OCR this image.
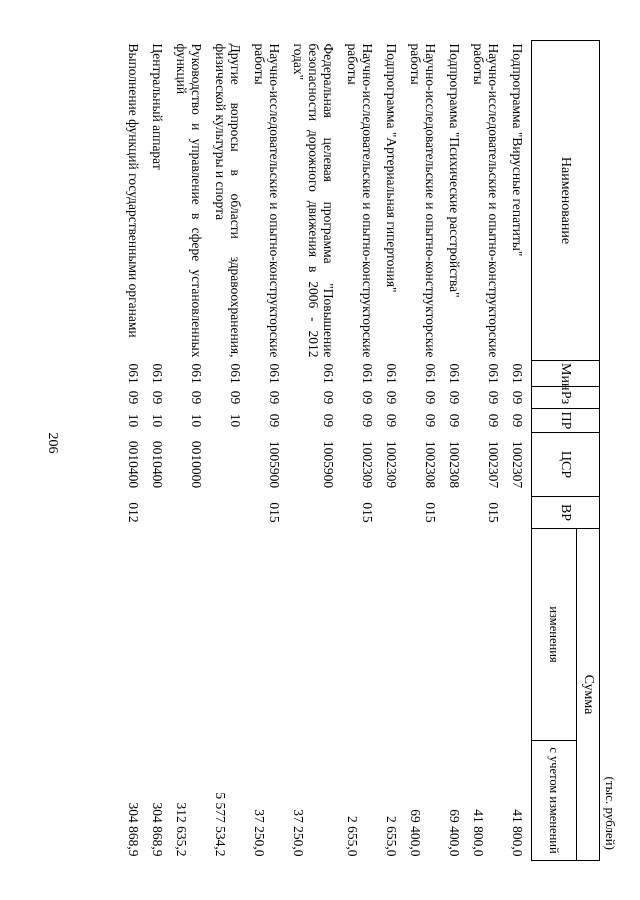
206
(тыс. рублей)
Наименование	Мин	Рз	ПР	ЦСР	ВР	Сумма	
						изменения	с учетом изменений
Подпрограмма "Вирусные гепатиты"	061	09	09	1002307			41 800,0
Научно-исследовательские и опытно-конструкторские работы	061	09	09	1002307	015		41 800,0
Подпрограмма "Психические расстройства"	061	09	09	1002308			69 400,0
Научно-исследовательские и опытно-конструкторские работы	061	09	09	1002308	015		69 400,0
Подпрограмма "Артериальная гипертония"	061	09	09	1002309			2 655,0
Научно-исследовательские и опытно-конструкторские работы	061	09	09	1002309	015		2 655,0
Федеральная целевая программа "Повышение безопасности дорожного движения в 2006 - 2012 годах"	061	09	09	1005900			37 250,0
Научно-исследовательские и опытно-конструкторские работы	061	09	09	1005900	015		37 250,0
Другие вопросы в области здравоохранения, физической культуры и спорта	061	09	10				5 577 534,2
Руководство и управление в сфере установленных функций	061	09	10	0010000			312 635,2
Центральный аппарат	061	09	10	0010400			304 868,9
Выполнение функций государственными органами	061	09	10	0010400	012		304 868,9
